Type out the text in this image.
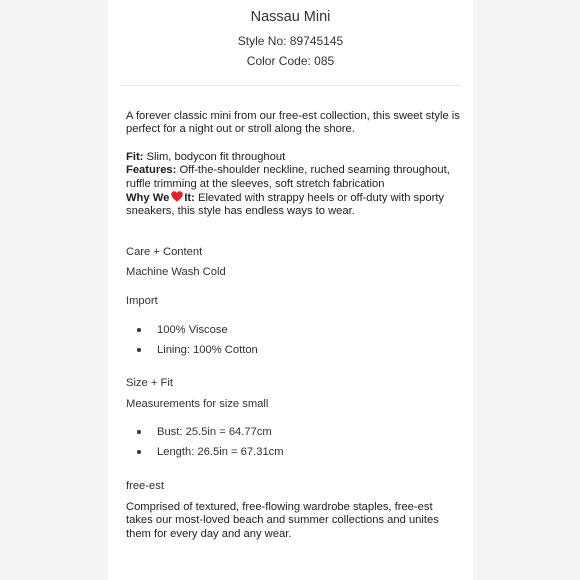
Nassau Mini
Style No: 89745145
Color Code: 085

A forever classic mini from our free-est collection, this sweet style is perfect for a night out or stroll along the shore.

Fit: Slim, bodycon fit throughout

Features: Off-the-shoulder neckline, ruched seaming throughout, ruffle trimming at the sleeves, soft stretch fabrication

Why We It: Elevated with strappy heels or off-duty with sporty sneakers, this style has endless ways to wear.

Care + Content
Machine Wash Cold
Import
100% Viscose
Lining: 100% Cotton
Size + Fit
Measurements for size small
Bust: 25.5in = 64.77cm
Length: 26.5in = 67.31cm
free-est

Comprised of textured, free-flowing wardrobe staples, free-est takes our most-loved beach and summer collections and unites them for every day and any wear.
